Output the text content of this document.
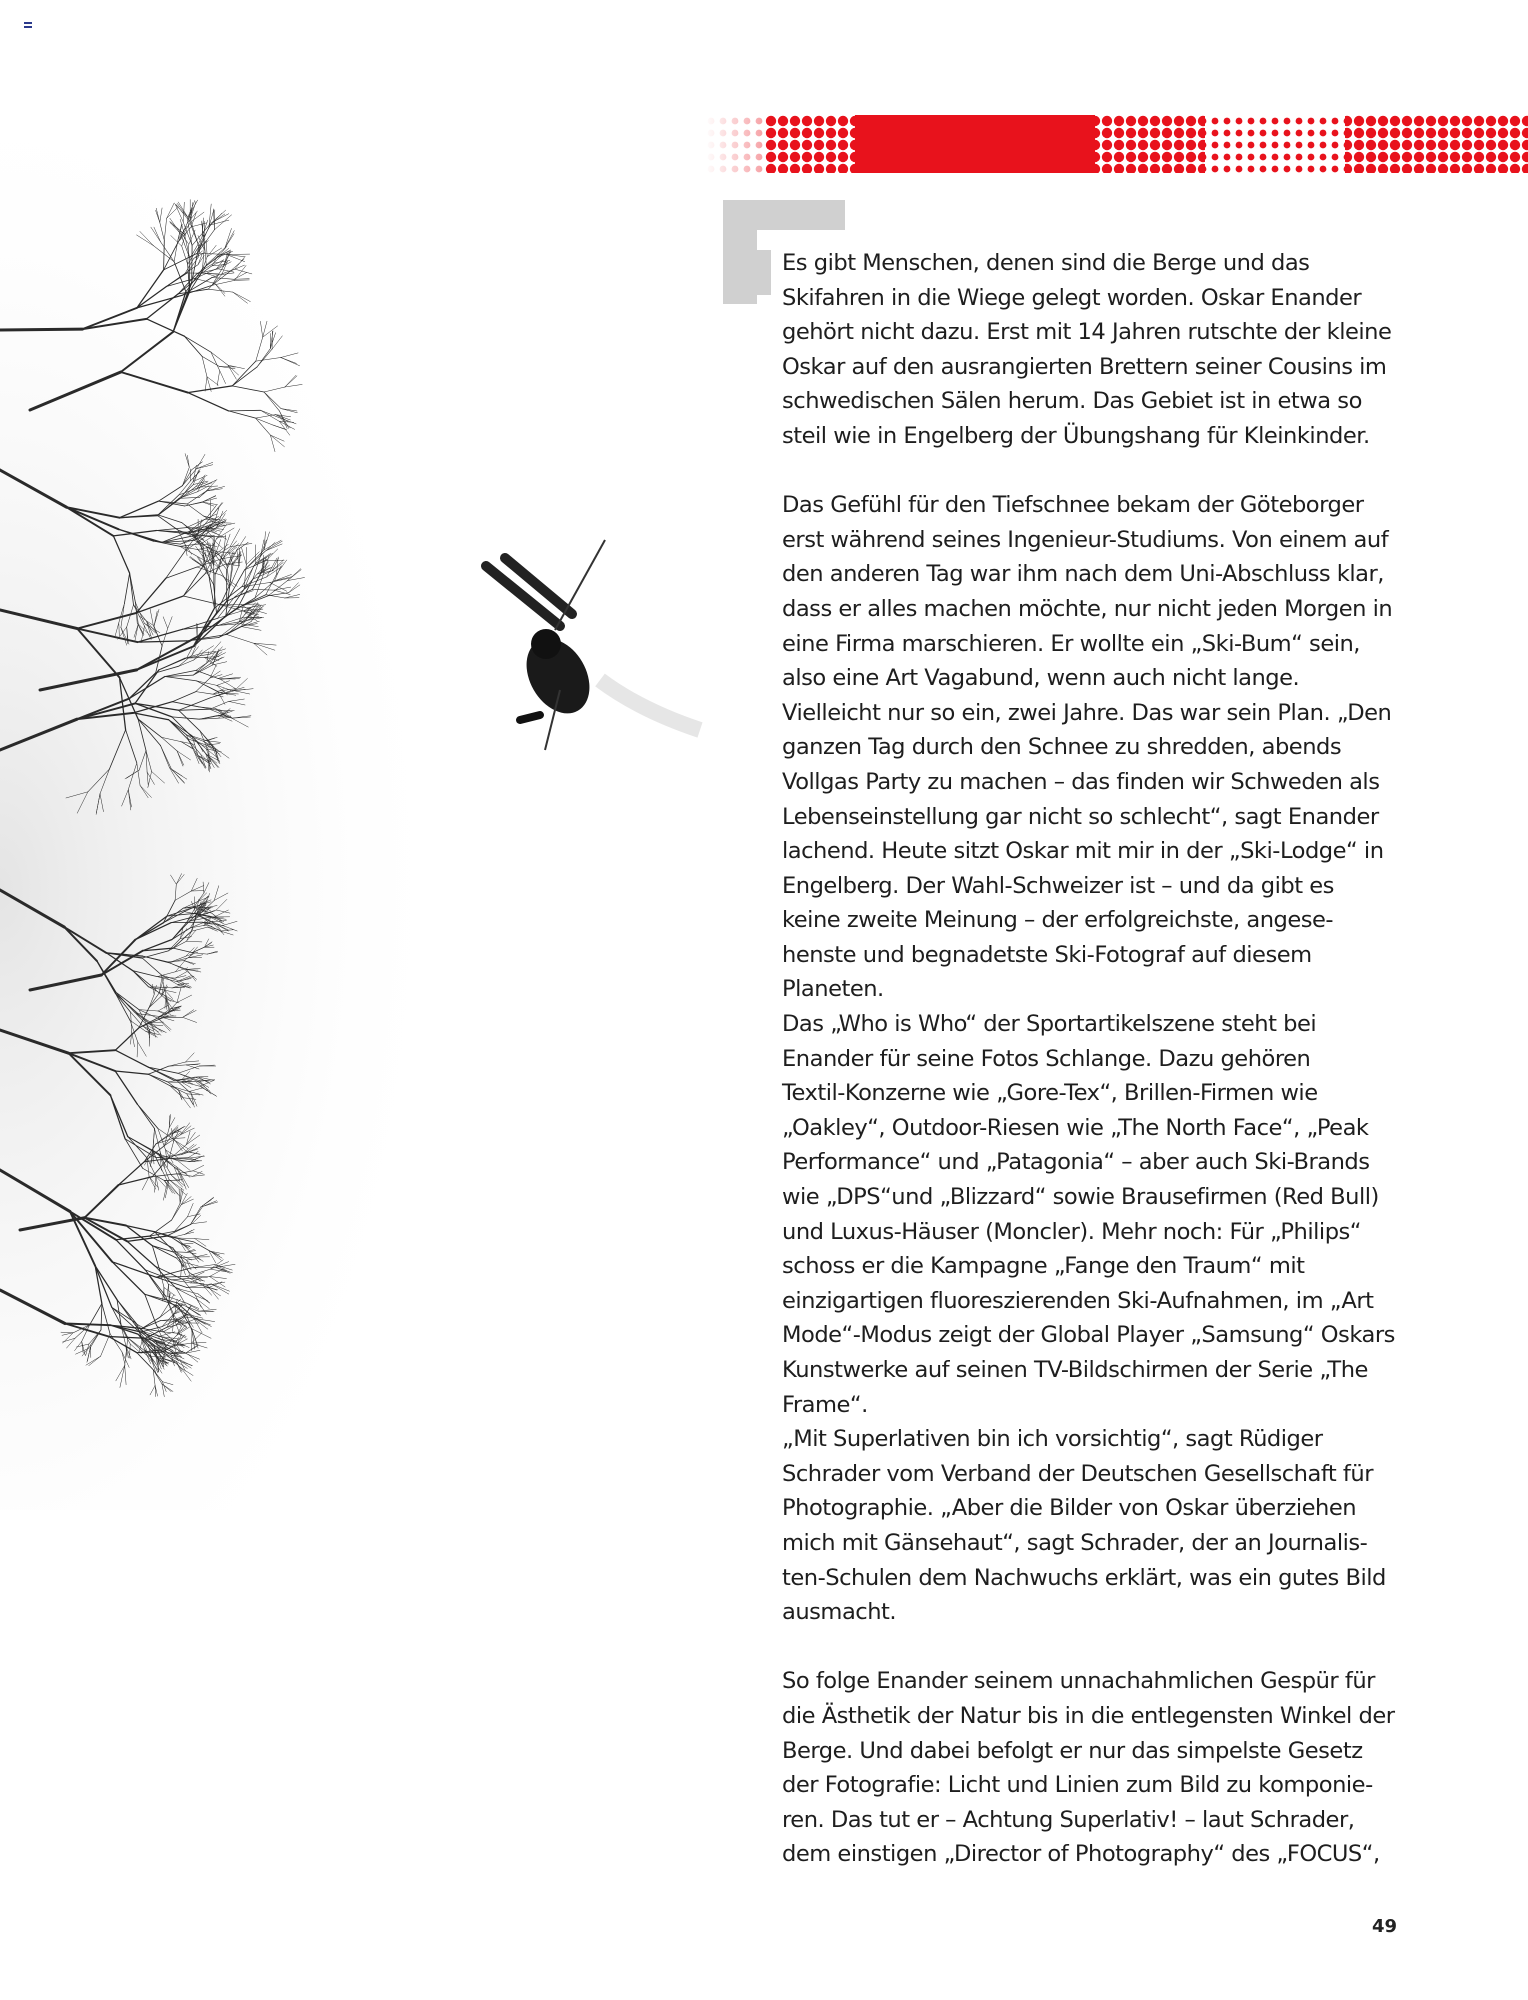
Es gibt Menschen, denen sind die Berge und das
Skifahren in die Wiege gelegt worden. Oskar Enander
gehört nicht dazu. Erst mit 14 Jahren rutschte der kleine
Oskar auf den ausrangierten Brettern seiner Cousins im
schwedischen Sälen herum. Das Gebiet ist in etwa so
steil wie in Engelberg der Übungshang für Kleinkinder.
Das Gefühl für den Tiefschnee bekam der Göteborger
erst während seines Ingenieur-Studiums. Von einem auf
den anderen Tag war ihm nach dem Uni-Abschluss klar,
dass er alles machen möchte, nur nicht jeden Morgen in
eine Firma marschieren. Er wollte ein „Ski-Bum“ sein,
also eine Art Vagabund, wenn auch nicht lange.
Vielleicht nur so ein, zwei Jahre. Das war sein Plan. „Den
ganzen Tag durch den Schnee zu shredden, abends
Vollgas Party zu machen – das finden wir Schweden als
Lebenseinstellung gar nicht so schlecht“, sagt Enander
lachend. Heute sitzt Oskar mit mir in der „Ski-Lodge“ in
Engelberg. Der Wahl-Schweizer ist – und da gibt es
keine zweite Meinung – der erfolgreichste, angese-
henste und begnadetste Ski-Fotograf auf diesem
Planeten.
Das „Who is Who“ der Sportartikelszene steht bei
Enander für seine Fotos Schlange. Dazu gehören
Textil-Konzerne wie „Gore-Tex“, Brillen-Firmen wie
„Oakley“, Outdoor-Riesen wie „The North Face“, „Peak
Performance“ und „Patagonia“ – aber auch Ski-Brands
wie „DPS“und „Blizzard“ sowie Brausefirmen (Red Bull)
und Luxus-Häuser (Moncler). Mehr noch: Für „Philips“
schoss er die Kampagne „Fange den Traum“ mit
einzigartigen fluoreszierenden Ski-Aufnahmen, im „Art
Mode“-Modus zeigt der Global Player „Samsung“ Oskars
Kunstwerke auf seinen TV-Bildschirmen der Serie „The
Frame“.
„Mit Superlativen bin ich vorsichtig“, sagt Rüdiger
Schrader vom Verband der Deutschen Gesellschaft für
Photographie. „Aber die Bilder von Oskar überziehen
mich mit Gänsehaut“, sagt Schrader, der an Journalis-
ten-Schulen dem Nachwuchs erklärt, was ein gutes Bild
ausmacht.
So folge Enander seinem unnachahmlichen Gespür für
die Ästhetik der Natur bis in die entlegensten Winkel der
Berge. Und dabei befolgt er nur das simpelste Gesetz
der Fotografie: Licht und Linien zum Bild zu komponie-
ren. Das tut er – Achtung Superlativ! – laut Schrader,
dem einstigen „Director of Photography“ des „FOCUS“,
49
